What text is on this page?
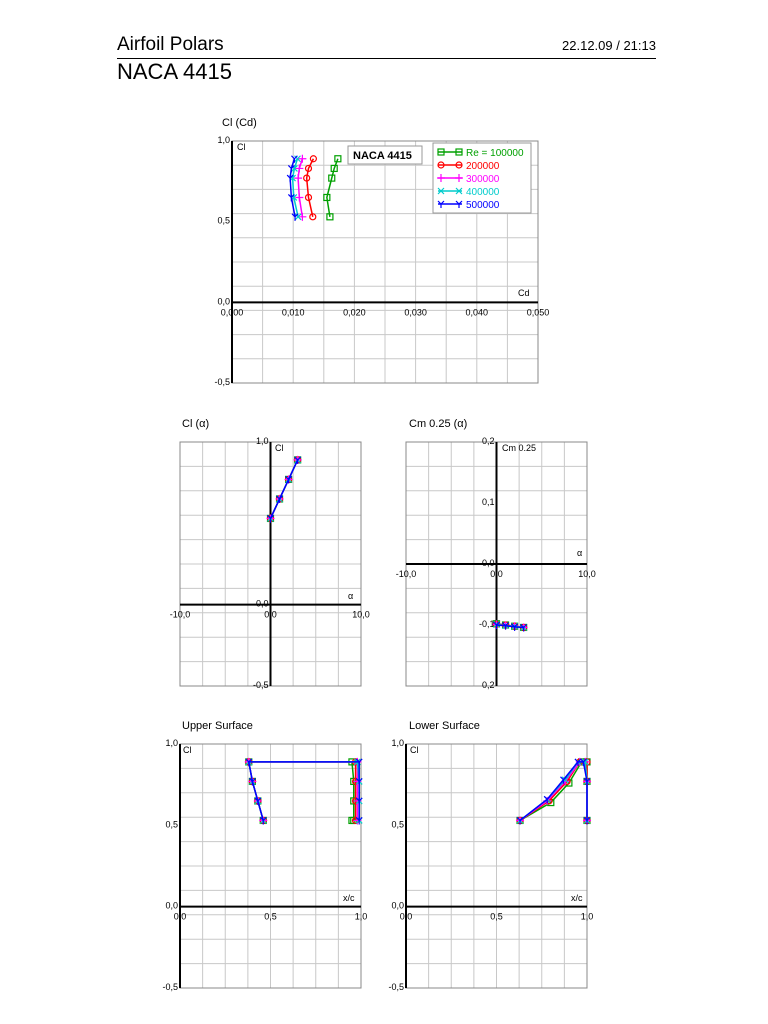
Airfoil Polars	22.12.09 / 21:13
NACA 4415
Cl (Cd)
1,0
0,5
0,0
-0,5
0,000	0,010	0,020	0,030	0,040	0,050
Cl
Cd
NACA 4415	Re = 100000
200000
300000
400000
500000
Cl (α)
1,0
0,0
-0,5
-10,0	0,0	10,0
Cl
α
Cm 0.25 (α)
0,2
0,1
0,0
-0,1
0,2
-10,0	0,0	10,0
Cm 0.25
α
Upper Surface
1,0
0,5
0,0
-0,5
0,0	0,5	1,0
Cl
x/c
Lower Surface
1,0
0,5
0,0
-0,5
0,0	0,5	1,0
Cl
x/c
